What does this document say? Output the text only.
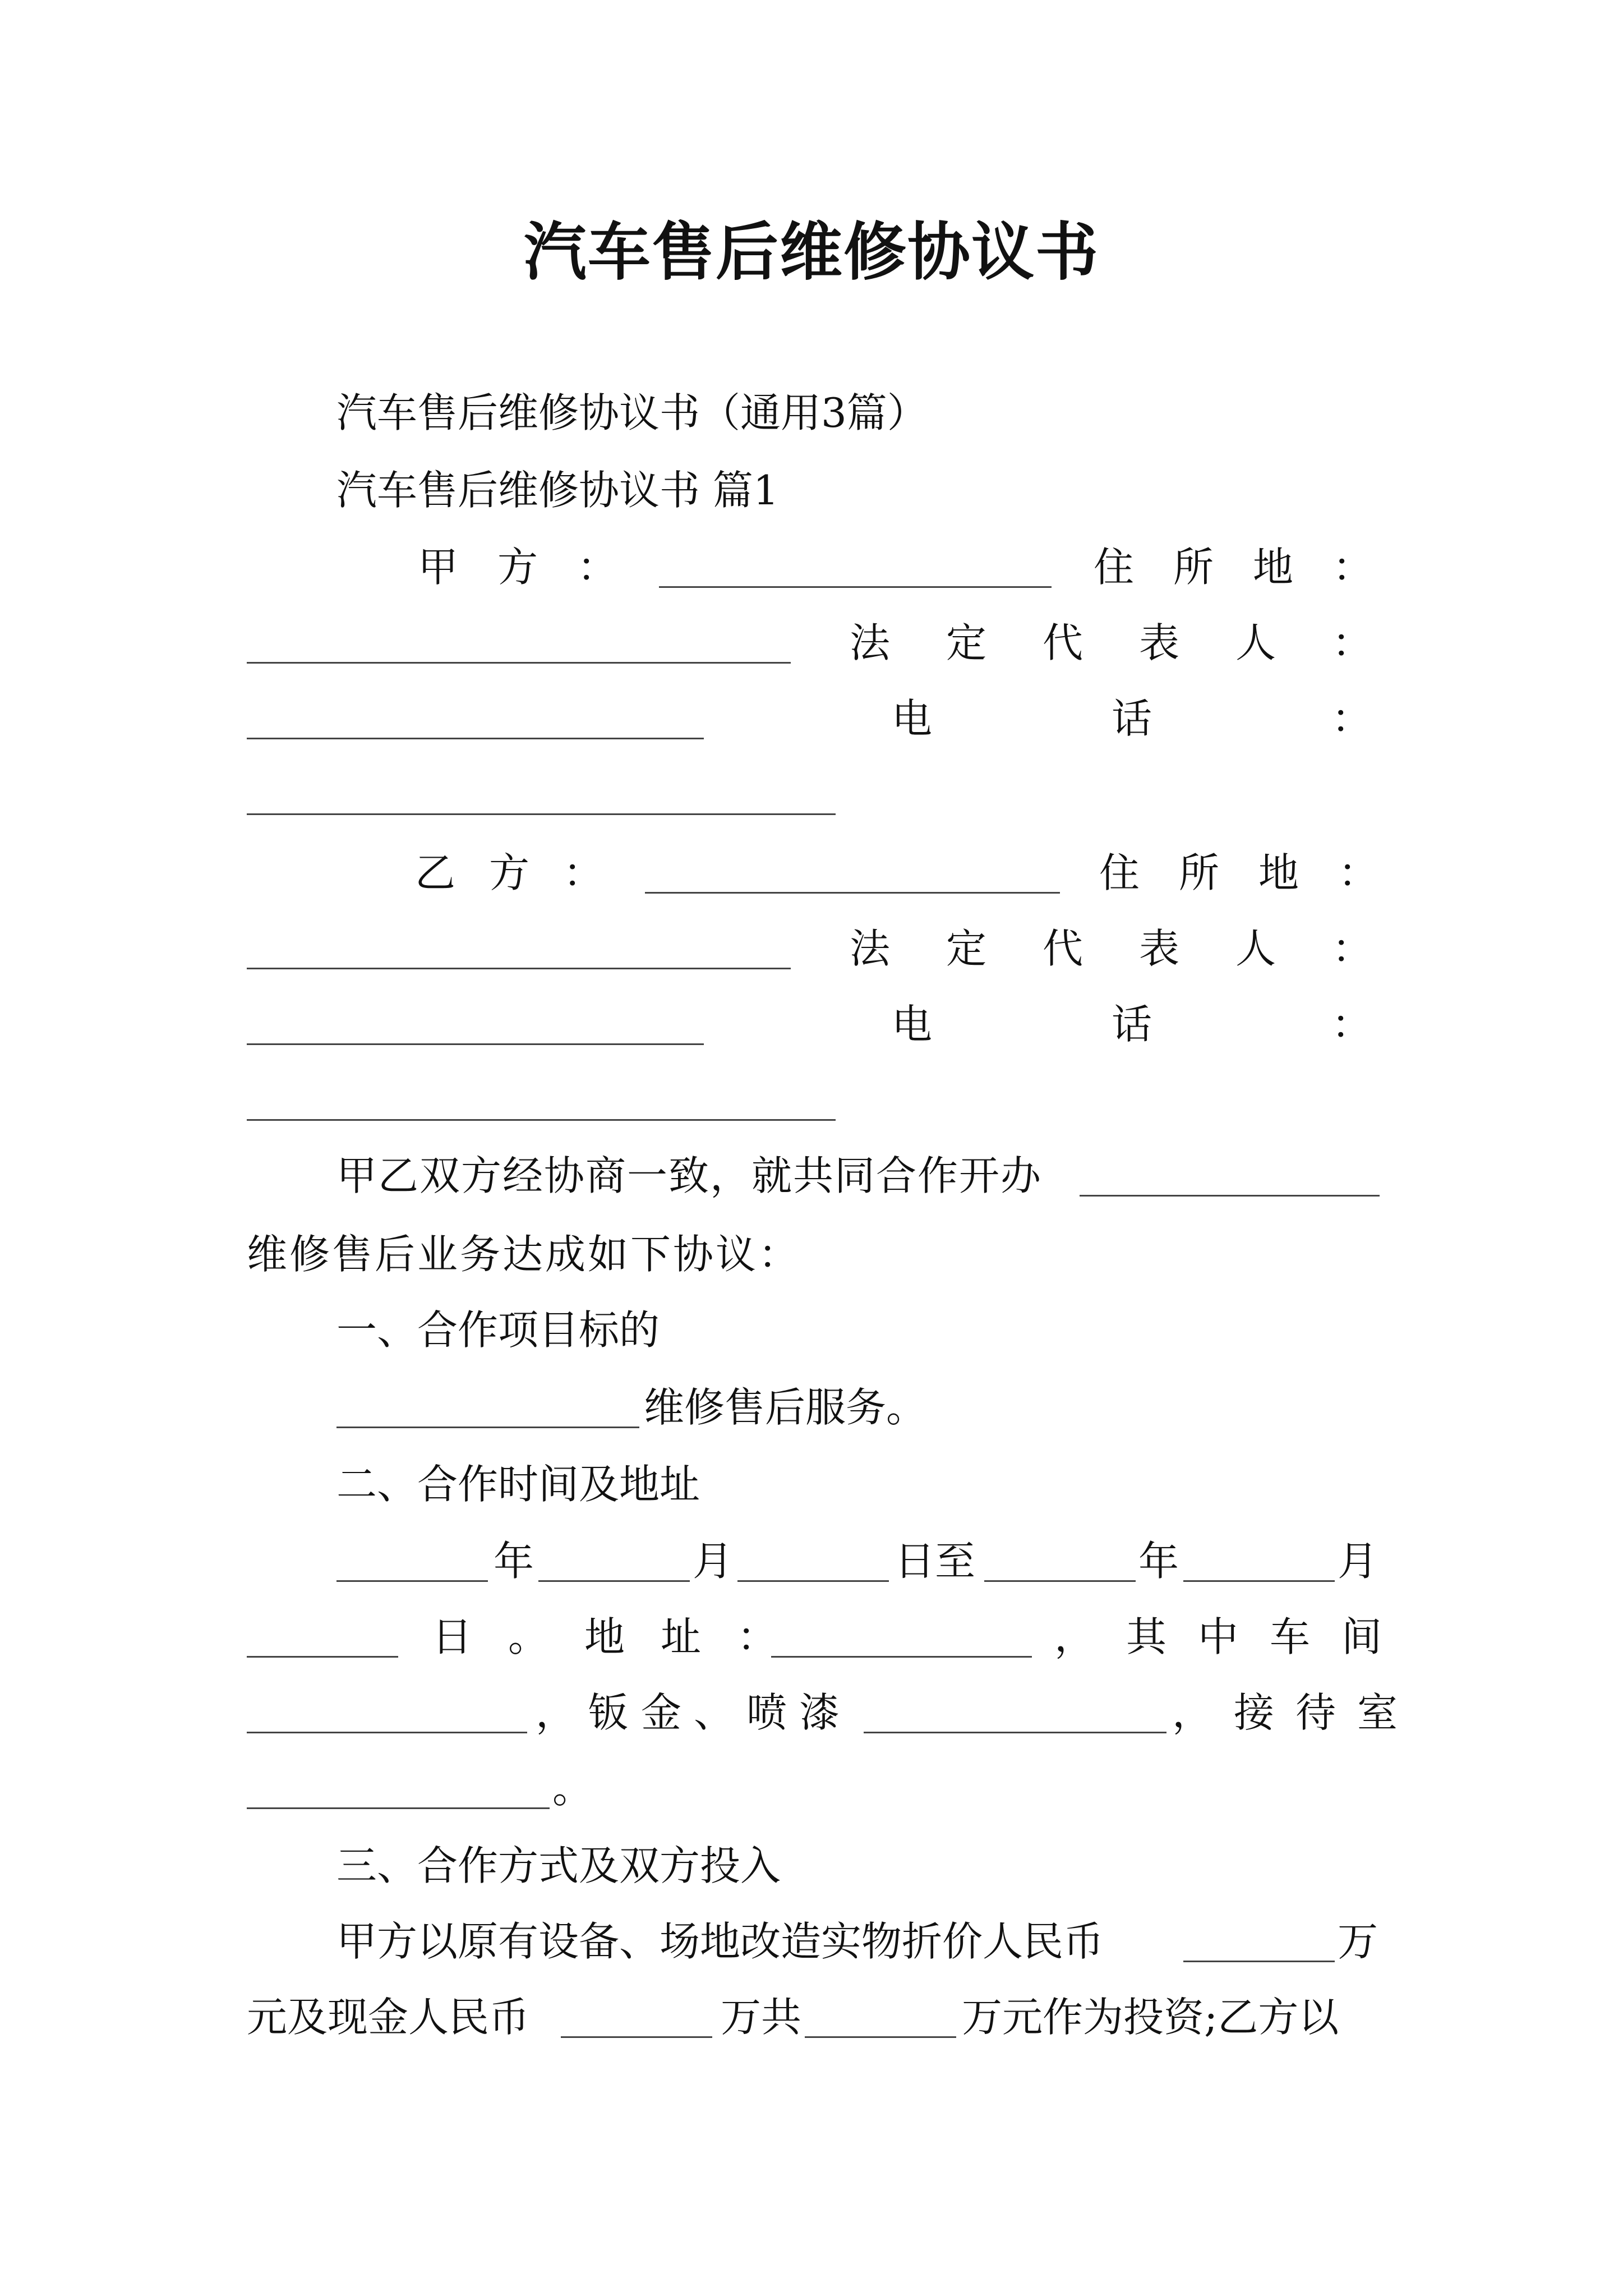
汽车售后维修协议书
汽车售后维修协议书（通用3篇）
汽车售后维修协议书 篇1
甲方：	住所地：
法定代表人：
电话：
乙方：	住所地：
法定代表人：
电话：
甲乙双方经协商一致，就共同合作开办
维修售后业务达成如下协议：
一、合作项目标的
维修售后服务。
二、合作时间及地址
年	月	日至	年	月
日。地址：	，其中车间
，钣金、喷漆	，接待室
。
三、合作方式及双方投入
甲方以原有设备、场地改造实物折价人民币	万
元及现金人民币	万共	万元作为投资;乙方以
